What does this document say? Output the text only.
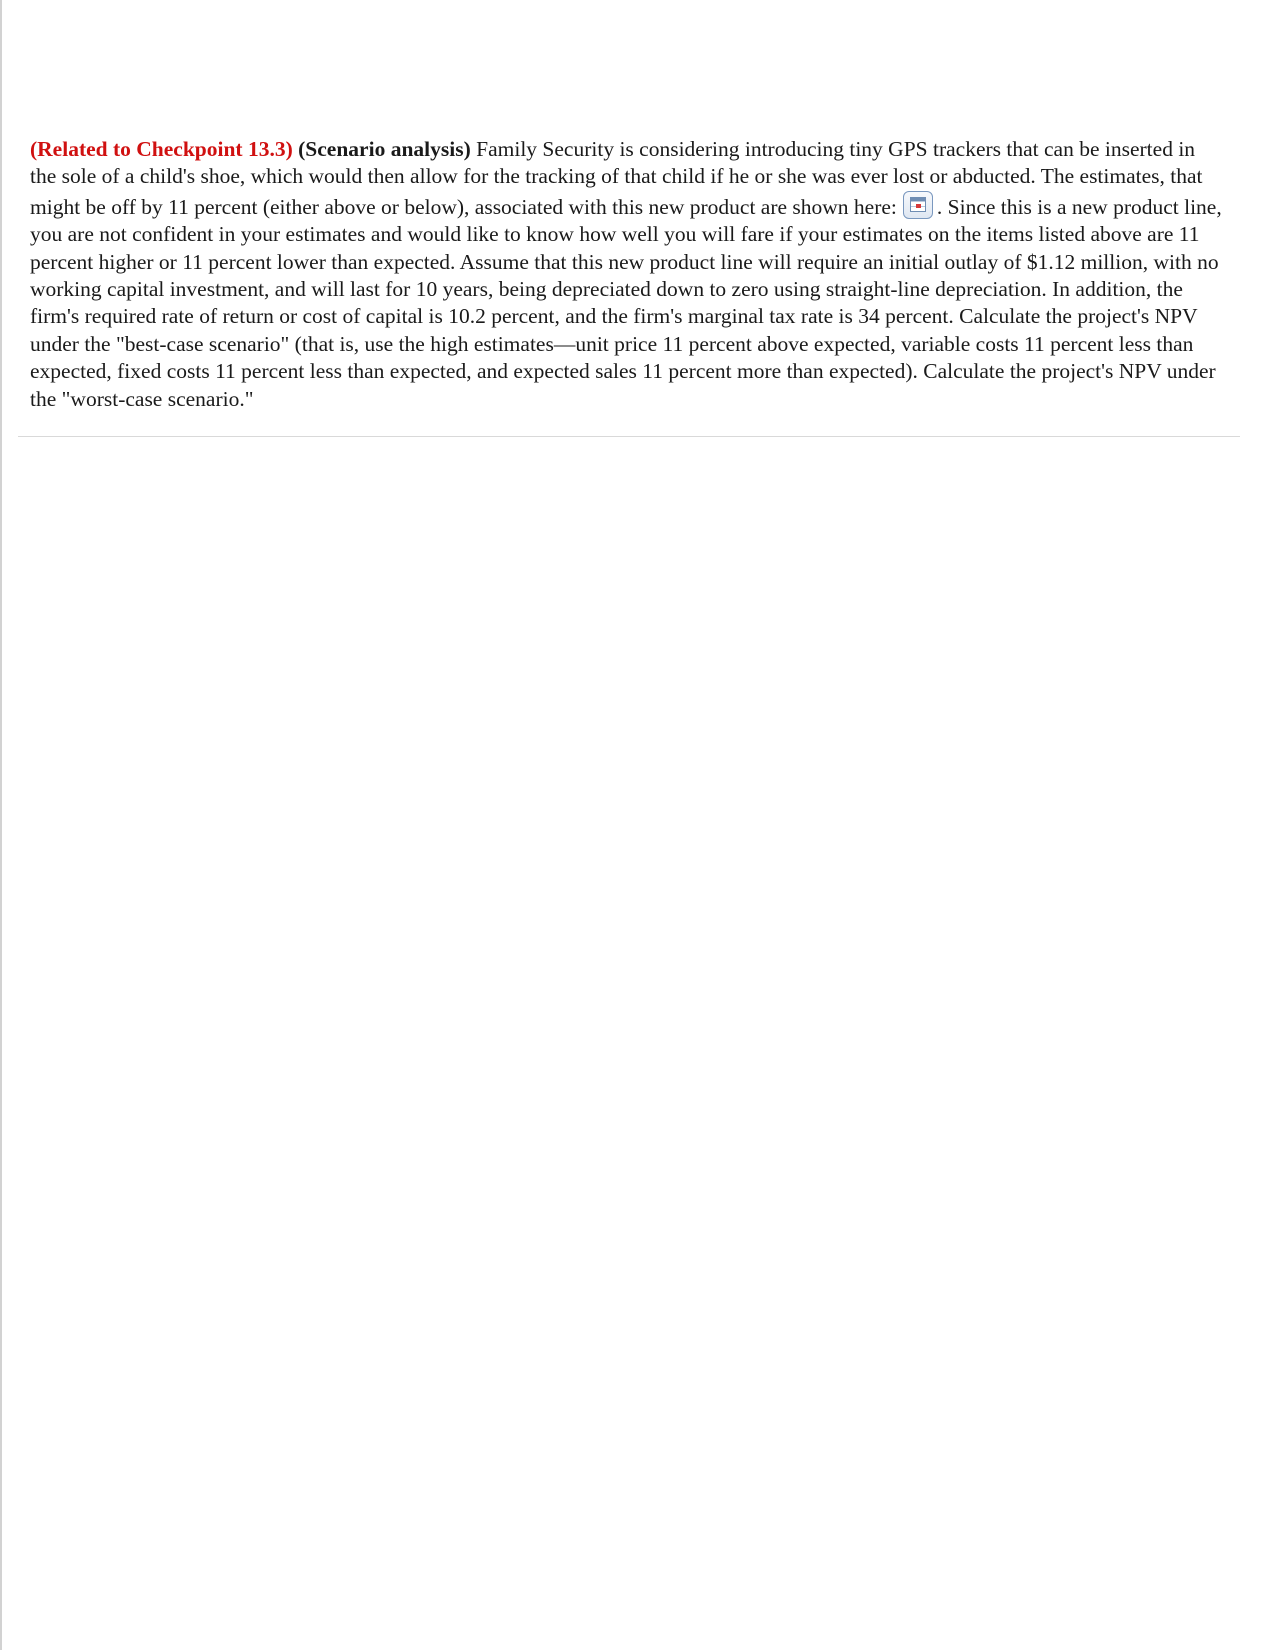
(Related to Checkpoint 13.3) (Scenario analysis) Family Security is considering introducing tiny GPS trackers that can be inserted in the sole of a child's shoe, which would then allow for the tracking of that child if he or she was ever lost or abducted. The estimates, that might be off by 11 percent (either above or below), associated with this new product are shown here: . Since this is a new product line, you are not confident in your estimates and would like to know how well you will fare if your estimates on the items listed above are 11 percent higher or 11 percent lower than expected. Assume that this new product line will require an initial outlay of $1.12 million, with no working capital investment, and will last for 10 years, being depreciated down to zero using straight-line depreciation. In addition, the firm's required rate of return or cost of capital is 10.2 percent, and the firm's marginal tax rate is 34 percent. Calculate the project's NPV under the "best-case scenario" (that is, use the high estimates—unit price 11 percent above expected, variable costs 11 percent less than expected, fixed costs 11 percent less than expected, and expected sales 11 percent more than expected). Calculate the project's NPV under the "worst-case scenario."
